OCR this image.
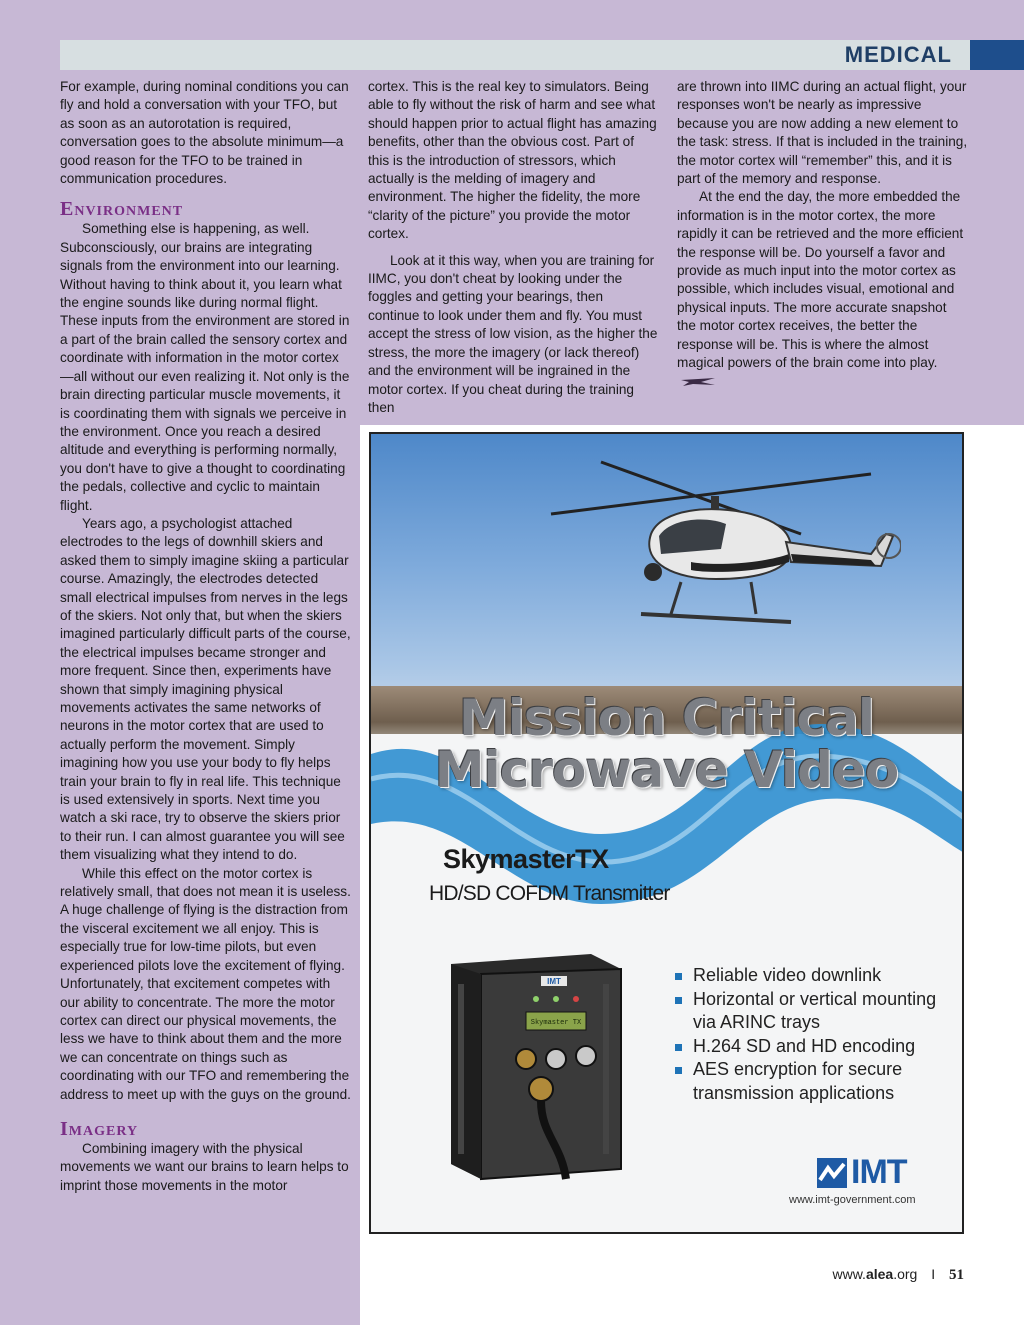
MEDICAL

For example, during nominal conditions you can fly and hold a conversation with your TFO, but as soon as an autorotation is required, conversation goes to the absolute minimum—a good reason for the TFO to be trained in communication procedures.

Environment

Something else is happening, as well. Subconsciously, our brains are integrating signals from the environment into our learning. Without having to think about it, you learn what the engine sounds like during normal flight. These inputs from the environment are stored in a part of the brain called the sensory cortex and coordinate with information in the motor cortex—all without our even realizing it. Not only is the brain directing particular muscle movements, it is coordinating them with signals we perceive in the environment. Once you reach a desired altitude and everything is performing normally, you don't have to give a thought to coordinating the pedals, collective and cyclic to maintain flight.

Years ago, a psychologist attached electrodes to the legs of downhill skiers and asked them to simply imagine skiing a particular course. Amazingly, the electrodes detected small electrical impulses from nerves in the legs of the skiers. Not only that, but when the skiers imagined particularly difficult parts of the course, the electrical impulses became stronger and more frequent. Since then, experiments have shown that simply imagining physical movements activates the same networks of neurons in the motor cortex that are used to actually perform the movement. Simply imagining how you use your body to fly helps train your brain to fly in real life. This technique is used extensively in sports. Next time you watch a ski race, try to observe the skiers prior to their run. I can almost guarantee you will see them visualizing what they intend to do.

While this effect on the motor cortex is relatively small, that does not mean it is useless. A huge challenge of flying is the distraction from the visceral excitement we all enjoy. This is especially true for low-time pilots, but even experienced pilots love the excitement of flying. Unfortunately, that excitement competes with our ability to concentrate. The more the motor cortex can direct our physical movements, the less we have to think about them and the more we can concentrate on things such as coordinating with our TFO and remembering the address to meet up with the guys on the ground.

Imagery

Combining imagery with the physical movements we want our brains to learn helps to imprint those movements in the motor

cortex. This is the real key to simulators. Being able to fly without the risk of harm and see what should happen prior to actual flight has amazing benefits, other than the obvious cost. Part of this is the introduction of stressors, which actually is the melding of imagery and environment. The higher the fidelity, the more “clarity of the picture” you provide the motor cortex.

Look at it this way, when you are training for IIMC, you don't cheat by looking under the foggles and getting your bearings, then continue to look under them and fly. You must accept the stress of low vision, as the higher the stress, the more the imagery (or lack thereof) and the environment will be ingrained in the motor cortex. If you cheat during the training then

are thrown into IIMC during an actual flight, your responses won't be nearly as impressive because you are now adding a new element to the task: stress. If that is included in the training, the motor cortex will “remember” this, and it is part of the memory and response.

At the end the day, the more embedded the information is in the motor cortex, the more rapidly it can be retrieved and the more efficient the response will be. Do yourself a favor and provide as much input into the motor cortex as possible, which includes visual, emotional and physical inputs. The more accurate snapshot the motor cortex receives, the better the response will be. This is where the almost magical powers of the brain come into play.

Mission Critical
Microwave Video
SkymasterTX
HD/SD COFDM Transmitter
IMT
Skymaster TX
Reliable video downlink
Horizontal or vertical mounting via ARINC trays
H.264 SD and HD encoding
AES encryption for secure transmission applications
IMT
www.imt-government.com
www.alea.org I 51
